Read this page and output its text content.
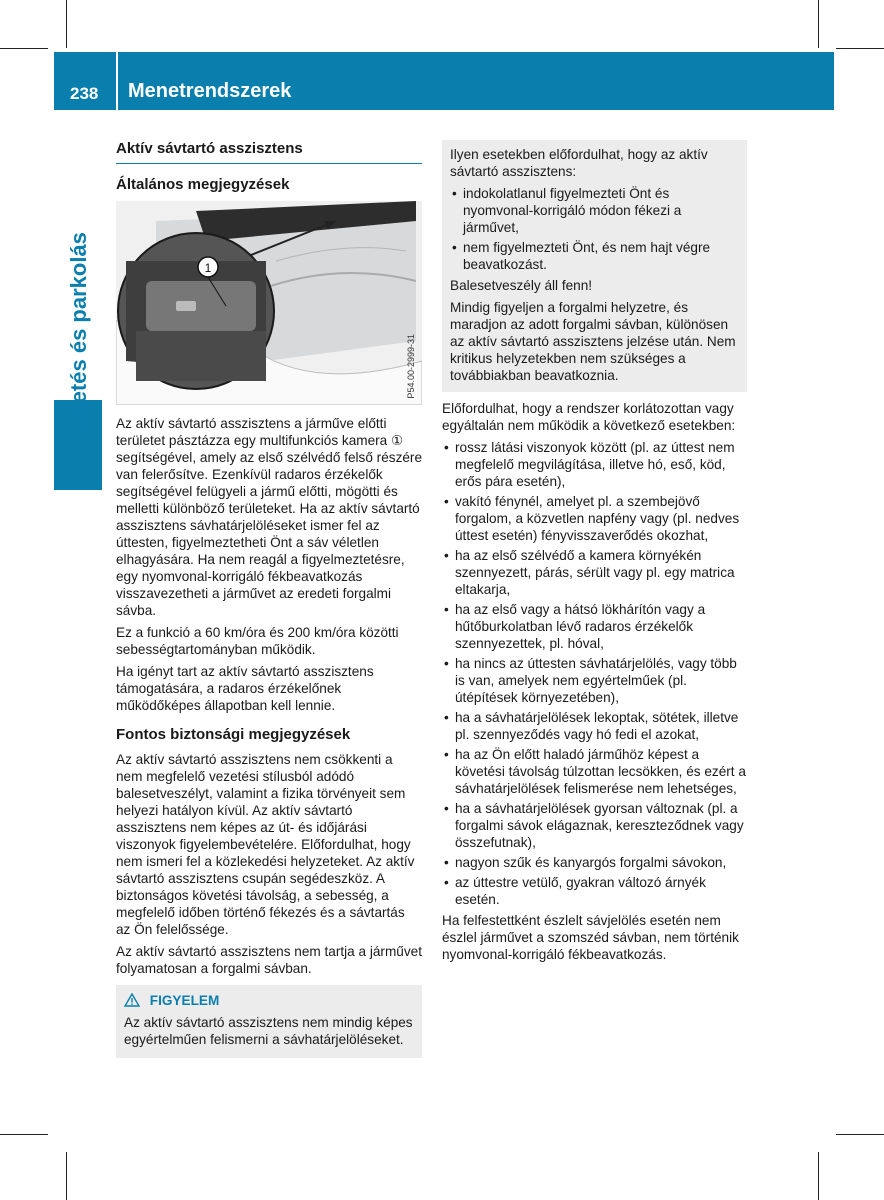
238 Menetrendszerek
Vezetés és parkolás
Aktív sávtartó asszisztens
Általános megjegyzések
1
P54.00-2999-31

Az aktív sávtartó asszisztens a járműve előtti területet pásztázza egy multifunkciós kamera ① segítségével, amely az első szélvédő felső részére van felerősítve. Ezenkívül radaros érzékelők segítségével felügyeli a jármű előtti, mögötti és melletti különböző területeket. Ha az aktív sávtartó asszisztens sávhatárjelöléseket ismer fel az úttesten, figyelmeztetheti Önt a sáv véletlen elhagyására. Ha nem reagál a figyelmeztetésre, egy nyomvonal-korrigáló fékbeavatkozás visszavezetheti a járművet az eredeti forgalmi sávba.

Ez a funkció a 60 km/óra és 200 km/óra közötti sebességtartományban működik.

Ha igényt tart az aktív sávtartó asszisztens támogatására, a radaros érzékelőnek működőképes állapotban kell lennie.

Fontos biztonsági megjegyzések

Az aktív sávtartó asszisztens nem csökkenti a nem megfelelő vezetési stílusból adódó balesetveszélyt, valamint a fizika törvényeit sem helyezi hatályon kívül. Az aktív sávtartó asszisztens nem képes az út- és időjárási viszonyok figyelembevételére. Előfordulhat, hogy nem ismeri fel a közlekedési helyzeteket. Az aktív sávtartó asszisztens csupán segédeszköz. A biztonságos követési távolság, a sebesség, a megfelelő időben történő fékezés és a sávtartás az Ön felelőssége.

Az aktív sávtartó asszisztens nem tartja a járművet folyamatosan a forgalmi sávban.

FIGYELEM

Az aktív sávtartó asszisztens nem mindig képes egyértelműen felismerni a sávhatárjelöléseket.

Ilyen esetekben előfordulhat, hogy az aktív sávtartó asszisztens:

• indokolatlanul figyelmezteti Önt és nyomvonal-korrigáló módon fékezi a járművet,
• nem figyelmezteti Önt, és nem hajt végre beavatkozást.

Balesetveszély áll fenn!

Mindig figyeljen a forgalmi helyzetre, és maradjon az adott forgalmi sávban, különösen az aktív sávtartó asszisztens jelzése után. Nem kritikus helyzetekben nem szükséges a továbbiakban beavatkoznia.

Előfordulhat, hogy a rendszer korlátozottan vagy egyáltalán nem működik a következő esetekben:

• rossz látási viszonyok között (pl. az úttest nem megfelelő megvilágítása, illetve hó, eső, köd, erős pára esetén),
• vakító fénynél, amelyet pl. a szembejövő forgalom, a közvetlen napfény vagy (pl. nedves úttest esetén) fényvisszaverődés okozhat,
• ha az első szélvédő a kamera környékén szennyezett, párás, sérült vagy pl. egy matrica eltakarja,
• ha az első vagy a hátsó lökhárítón vagy a hűtőburkolatban lévő radaros érzékelők szennyezettek, pl. hóval,
• ha nincs az úttesten sávhatárjelölés, vagy több is van, amelyek nem egyértelműek (pl. útépítések környezetében),
• ha a sávhatárjelölések lekoptak, sötétek, illetve pl. szennyeződés vagy hó fedi el azokat,
• ha az Ön előtt haladó járműhöz képest a követési távolság túlzottan lecsökken, és ezért a sávhatárjelölések felismerése nem lehetséges,
• ha a sávhatárjelölések gyorsan változnak (pl. a forgalmi sávok elágaznak, kereszteződnek vagy összefutnak),
• nagyon szűk és kanyargós forgalmi sávokon,
• az úttestre vetülő, gyakran változó árnyék esetén.

Ha felfestettként észlelt sávjelölés esetén nem észlel járművet a szomszéd sávban, nem történik nyomvonal-korrigáló fékbeavatkozás.
